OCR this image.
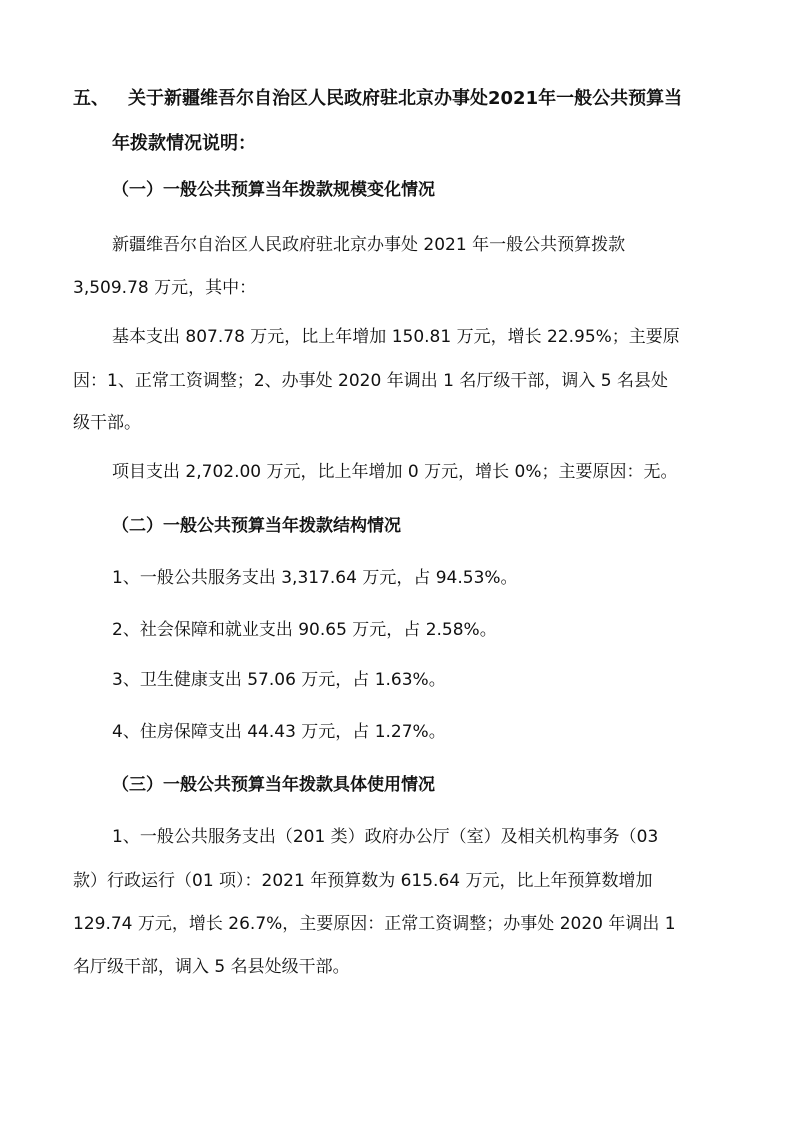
五、 关于新疆维吾尔自治区人民政府驻北京办事处2021年一般公共预算当
年拨款情况说明：
（一）一般公共预算当年拨款规模变化情况
新疆维吾尔自治区人民政府驻北京办事处 2021 年一般公共预算拨款
3,509.78 万元，其中：
基本支出 807.78 万元，比上年增加 150.81 万元，增长 22.95%；主要原
因：1、正常工资调整；2、办事处 2020 年调出 1 名厅级干部，调入 5 名县处
级干部。
项目支出 2,702.00 万元，比上年增加 0 万元，增长 0%；主要原因：无。
（二）一般公共预算当年拨款结构情况
1、一般公共服务支出 3,317.64 万元，占 94.53%。
2、社会保障和就业支出 90.65 万元，占 2.58%。
3、卫生健康支出 57.06 万元，占 1.63%。
4、住房保障支出 44.43 万元，占 1.27%。
（三）一般公共预算当年拨款具体使用情况
1、一般公共服务支出（201 类）政府办公厅（室）及相关机构事务（03
款）行政运行（01 项）：2021 年预算数为 615.64 万元，比上年预算数增加
129.74 万元，增长 26.7%，主要原因：正常工资调整；办事处 2020 年调出 1
名厅级干部，调入 5 名县处级干部。
